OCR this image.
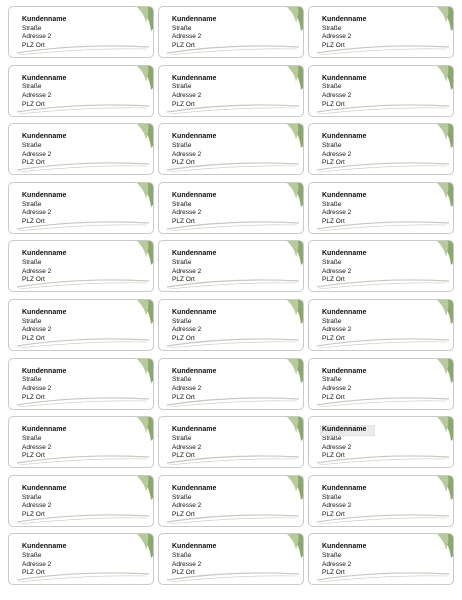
Kundenname
Straße
Adresse 2
PLZ Ort
Kundenname
Straße
Adresse 2
PLZ Ort
Kundenname
Straße
Adresse 2
PLZ Ort
Kundenname
Straße
Adresse 2
PLZ Ort
Kundenname
Straße
Adresse 2
PLZ Ort
Kundenname
Straße
Adresse 2
PLZ Ort
Kundenname
Straße
Adresse 2
PLZ Ort
Kundenname
Straße
Adresse 2
PLZ Ort
Kundenname
Straße
Adresse 2
PLZ Ort
Kundenname
Straße
Adresse 2
PLZ Ort
Kundenname
Straße
Adresse 2
PLZ Ort
Kundenname
Straße
Adresse 2
PLZ Ort
Kundenname
Straße
Adresse 2
PLZ Ort
Kundenname
Straße
Adresse 2
PLZ Ort
Kundenname
Straße
Adresse 2
PLZ Ort
Kundenname
Straße
Adresse 2
PLZ Ort
Kundenname
Straße
Adresse 2
PLZ Ort
Kundenname
Straße
Adresse 2
PLZ Ort
Kundenname
Straße
Adresse 2
PLZ Ort
Kundenname
Straße
Adresse 2
PLZ Ort
Kundenname
Straße
Adresse 2
PLZ Ort
Kundenname
Straße
Adresse 2
PLZ Ort
Kundenname
Straße
Adresse 2
PLZ Ort
Kundenname
Straße
Adresse 2
PLZ Ort
Kundenname
Straße
Adresse 2
PLZ Ort
Kundenname
Straße
Adresse 2
PLZ Ort
Kundenname
Straße
Adresse 2
PLZ Ort
Kundenname
Straße
Adresse 2
PLZ Ort
Kundenname
Straße
Adresse 2
PLZ Ort
Kundenname
Straße
Adresse 2
PLZ Ort
